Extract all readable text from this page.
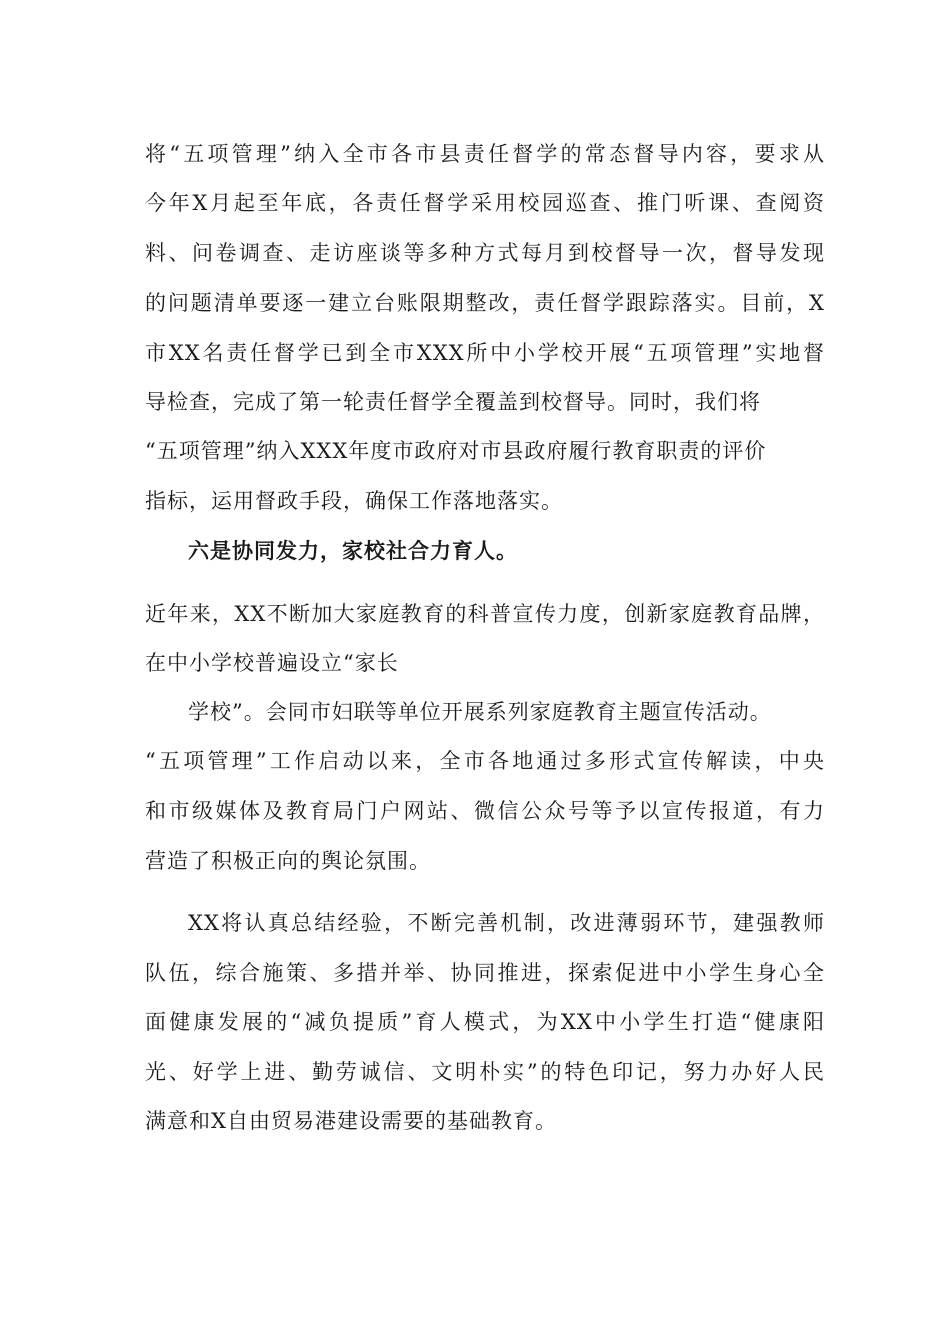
将“五项管理”纳入全市各市县责任督学的常态督导内容，要求从
今年X月起至年底，各责任督学采用校园巡查、推门听课、查阅资
料、问卷调查、走访座谈等多种方式每月到校督导一次，督导发现
的问题清单要逐一建立台账限期整改，责任督学跟踪落实。目前，X
市XX名责任督学已到全市XXX所中小学校开展“五项管理”实地督
导检查，完成了第一轮责任督学全覆盖到校督导。同时，我们将
“五项管理”纳入XXX年度市政府对市县政府履行教育职责的评价
指标，运用督政手段，确保工作落地落实。
六是协同发力，家校社合力育人。
近年来，XX不断加大家庭教育的科普宣传力度，创新家庭教育品牌，
在中小学校普遍设立“家长
学校”。会同市妇联等单位开展系列家庭教育主题宣传活动。
“五项管理”工作启动以来，全市各地通过多形式宣传解读，中央
和市级媒体及教育局门户网站、微信公众号等予以宣传报道，有力
营造了积极正向的舆论氛围。
XX将认真总结经验，不断完善机制，改进薄弱环节，建强教师
队伍，综合施策、多措并举、协同推进，探索促进中小学生身心全
面健康发展的“减负提质”育人模式，为XX中小学生打造“健康阳
光、好学上进、勤劳诚信、文明朴实”的特色印记，努力办好人民
满意和X自由贸易港建设需要的基础教育。
